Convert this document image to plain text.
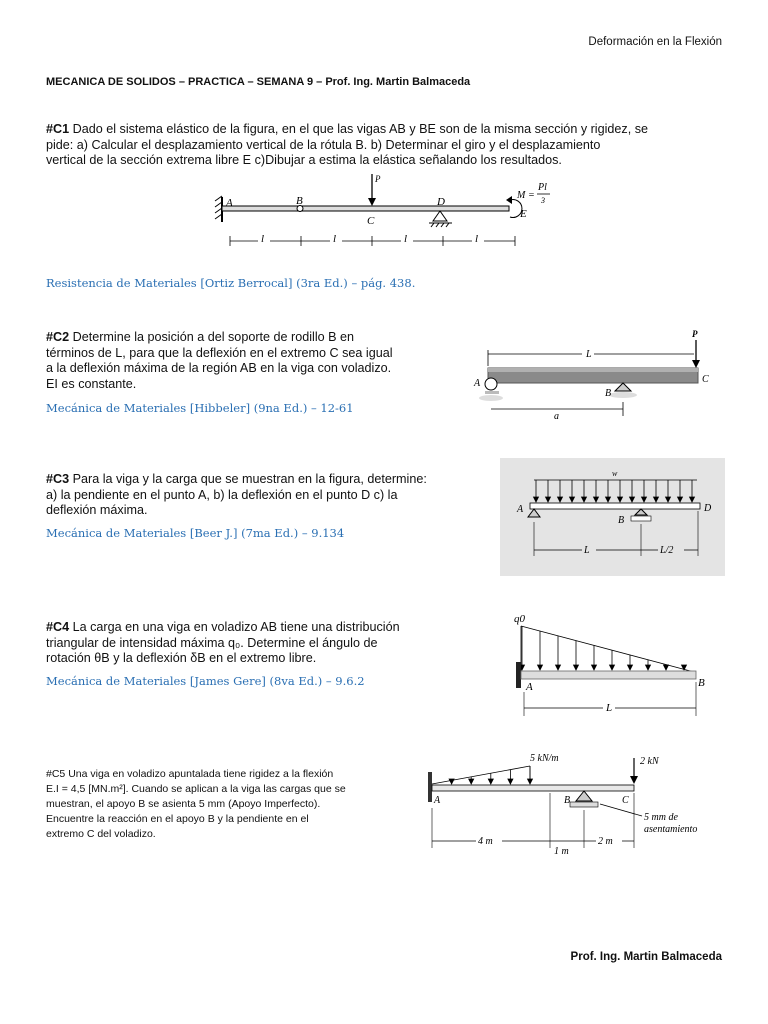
Deformación en la Flexión
MECANICA DE SOLIDOS – PRACTICA – SEMANA 9 – Prof. Ing. Martin Balmaceda
#C1 Dado el sistema elástico de la figura, en el que las vigas AB y BE son de la misma sección y rigidez, se
pide: a) Calcular el desplazamiento vertical de la rótula B. b) Determinar el giro y el desplazamiento
vertical de la sección extrema libre E c)Dibujar a estima la elástica señalando los resultados.
A	B
C
D
E
P
M =
Pl
3
l	l	l	l
Resistencia de Materiales [Ortiz Berrocal] (3ra Ed.) – pág. 438.
#C2 Determine la posición a del soporte de rodillo B en
términos de L, para que la deflexión en el extremo C sea igual
a la deflexión máxima de la región AB en la viga con voladizo.
EI es constante.
Mecánica de Materiales [Hibbeler] (9na Ed.) – 12-61
P
L
A
B
C
a
#C3 Para la viga y la carga que se muestran en la figura, determine:
a) la pendiente en el punto A, b) la deflexión en el punto D c) la
deflexión máxima.
Mecánica de Materiales [Beer J.] (7ma Ed.) – 9.134
w
A
B
D
L	L/2
#C4 La carga en una viga en voladizo AB tiene una distribución
triangular de intensidad máxima q₀. Determine el ángulo de
rotación θB y la deflexión δB en el extremo libre.
Mecánica de Materiales [James Gere] (8va Ed.) – 9.6.2
q0
A	B
L
#C5 Una viga en voladizo apuntalada tiene rigidez a la flexión
E.I = 4,5 [MN.m²]. Cuando se aplican a la viga las cargas que se
muestran, el apoyo B se asienta 5 mm (Apoyo Imperfecto).
Encuentre la reacción en el apoyo B y la pendiente en el
extremo C del voladizo.
5 kN/m	2 kN
A	B	C
5 mm de
asentamiento
4 m
1 m
2 m
Prof. Ing. Martin Balmaceda
